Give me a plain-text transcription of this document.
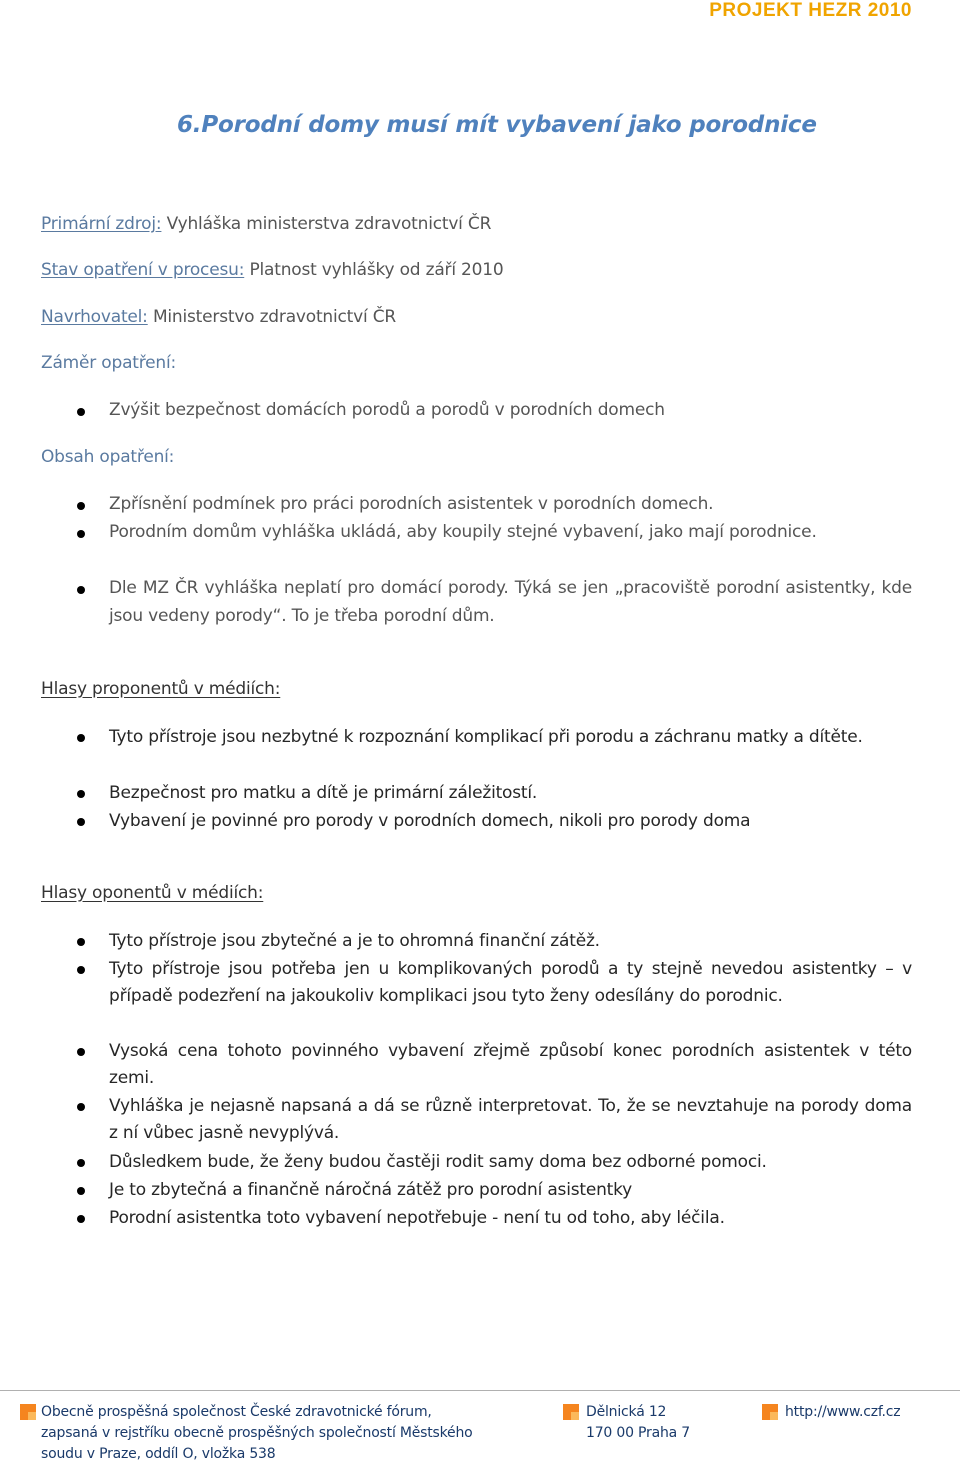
PROJEKT HEZR 2010
6.Porodní domy musí mít vybavení jako porodnice
Primární zdroj: Vyhláška ministerstva zdravotnictví ČR
Stav opatření v procesu: Platnost vyhlášky od září 2010
Navrhovatel: Ministerstvo zdravotnictví ČR
Záměr opatření:
Zvýšit bezpečnost domácích porodů a porodů v porodních domech
Obsah opatření:
Zpřísnění podmínek pro práci porodních asistentek v porodních domech.
Porodním domům vyhláška ukládá, aby koupily stejné vybavení, jako mají porodnice.
Dle MZ ČR vyhláška neplatí pro domácí porody. Týká se jen „pracoviště porodní asistentky, kde jsou vedeny porody“. To je třeba porodní dům.
Hlasy proponentů v médiích:
Tyto přístroje jsou nezbytné k rozpoznání komplikací při porodu a záchranu matky a dítěte.
Bezpečnost pro matku a dítě je primární záležitostí.
Vybavení je povinné pro porody v porodních domech, nikoli pro porody doma
Hlasy oponentů v médiích:
Tyto přístroje jsou zbytečné a je to ohromná finanční zátěž.
Tyto přístroje jsou potřeba jen u komplikovaných porodů a ty stejně nevedou asistentky – v případě podezření na jakoukoliv komplikaci jsou tyto ženy odesílány do porodnic.
Vysoká cena tohoto povinného vybavení zřejmě způsobí konec porodních asistentek v této zemi.
Vyhláška je nejasně napsaná a dá se různě interpretovat. To, že se nevztahuje na porody doma z ní vůbec jasně nevyplývá.
Důsledkem bude, že ženy budou častěji rodit samy doma bez odborné pomoci.
Je to zbytečná a finančně náročná zátěž pro porodní asistentky
Porodní asistentka toto vybavení nepotřebuje - není tu od toho, aby léčila.
Obecně prospěšná společnost České zdravotnické fórum,
zapsaná v rejstříku obecně prospěšných společností Městského
soudu v Praze, oddíl O, vložka 538
Dělnická 12
170 00 Praha 7
http://www.czf.cz
